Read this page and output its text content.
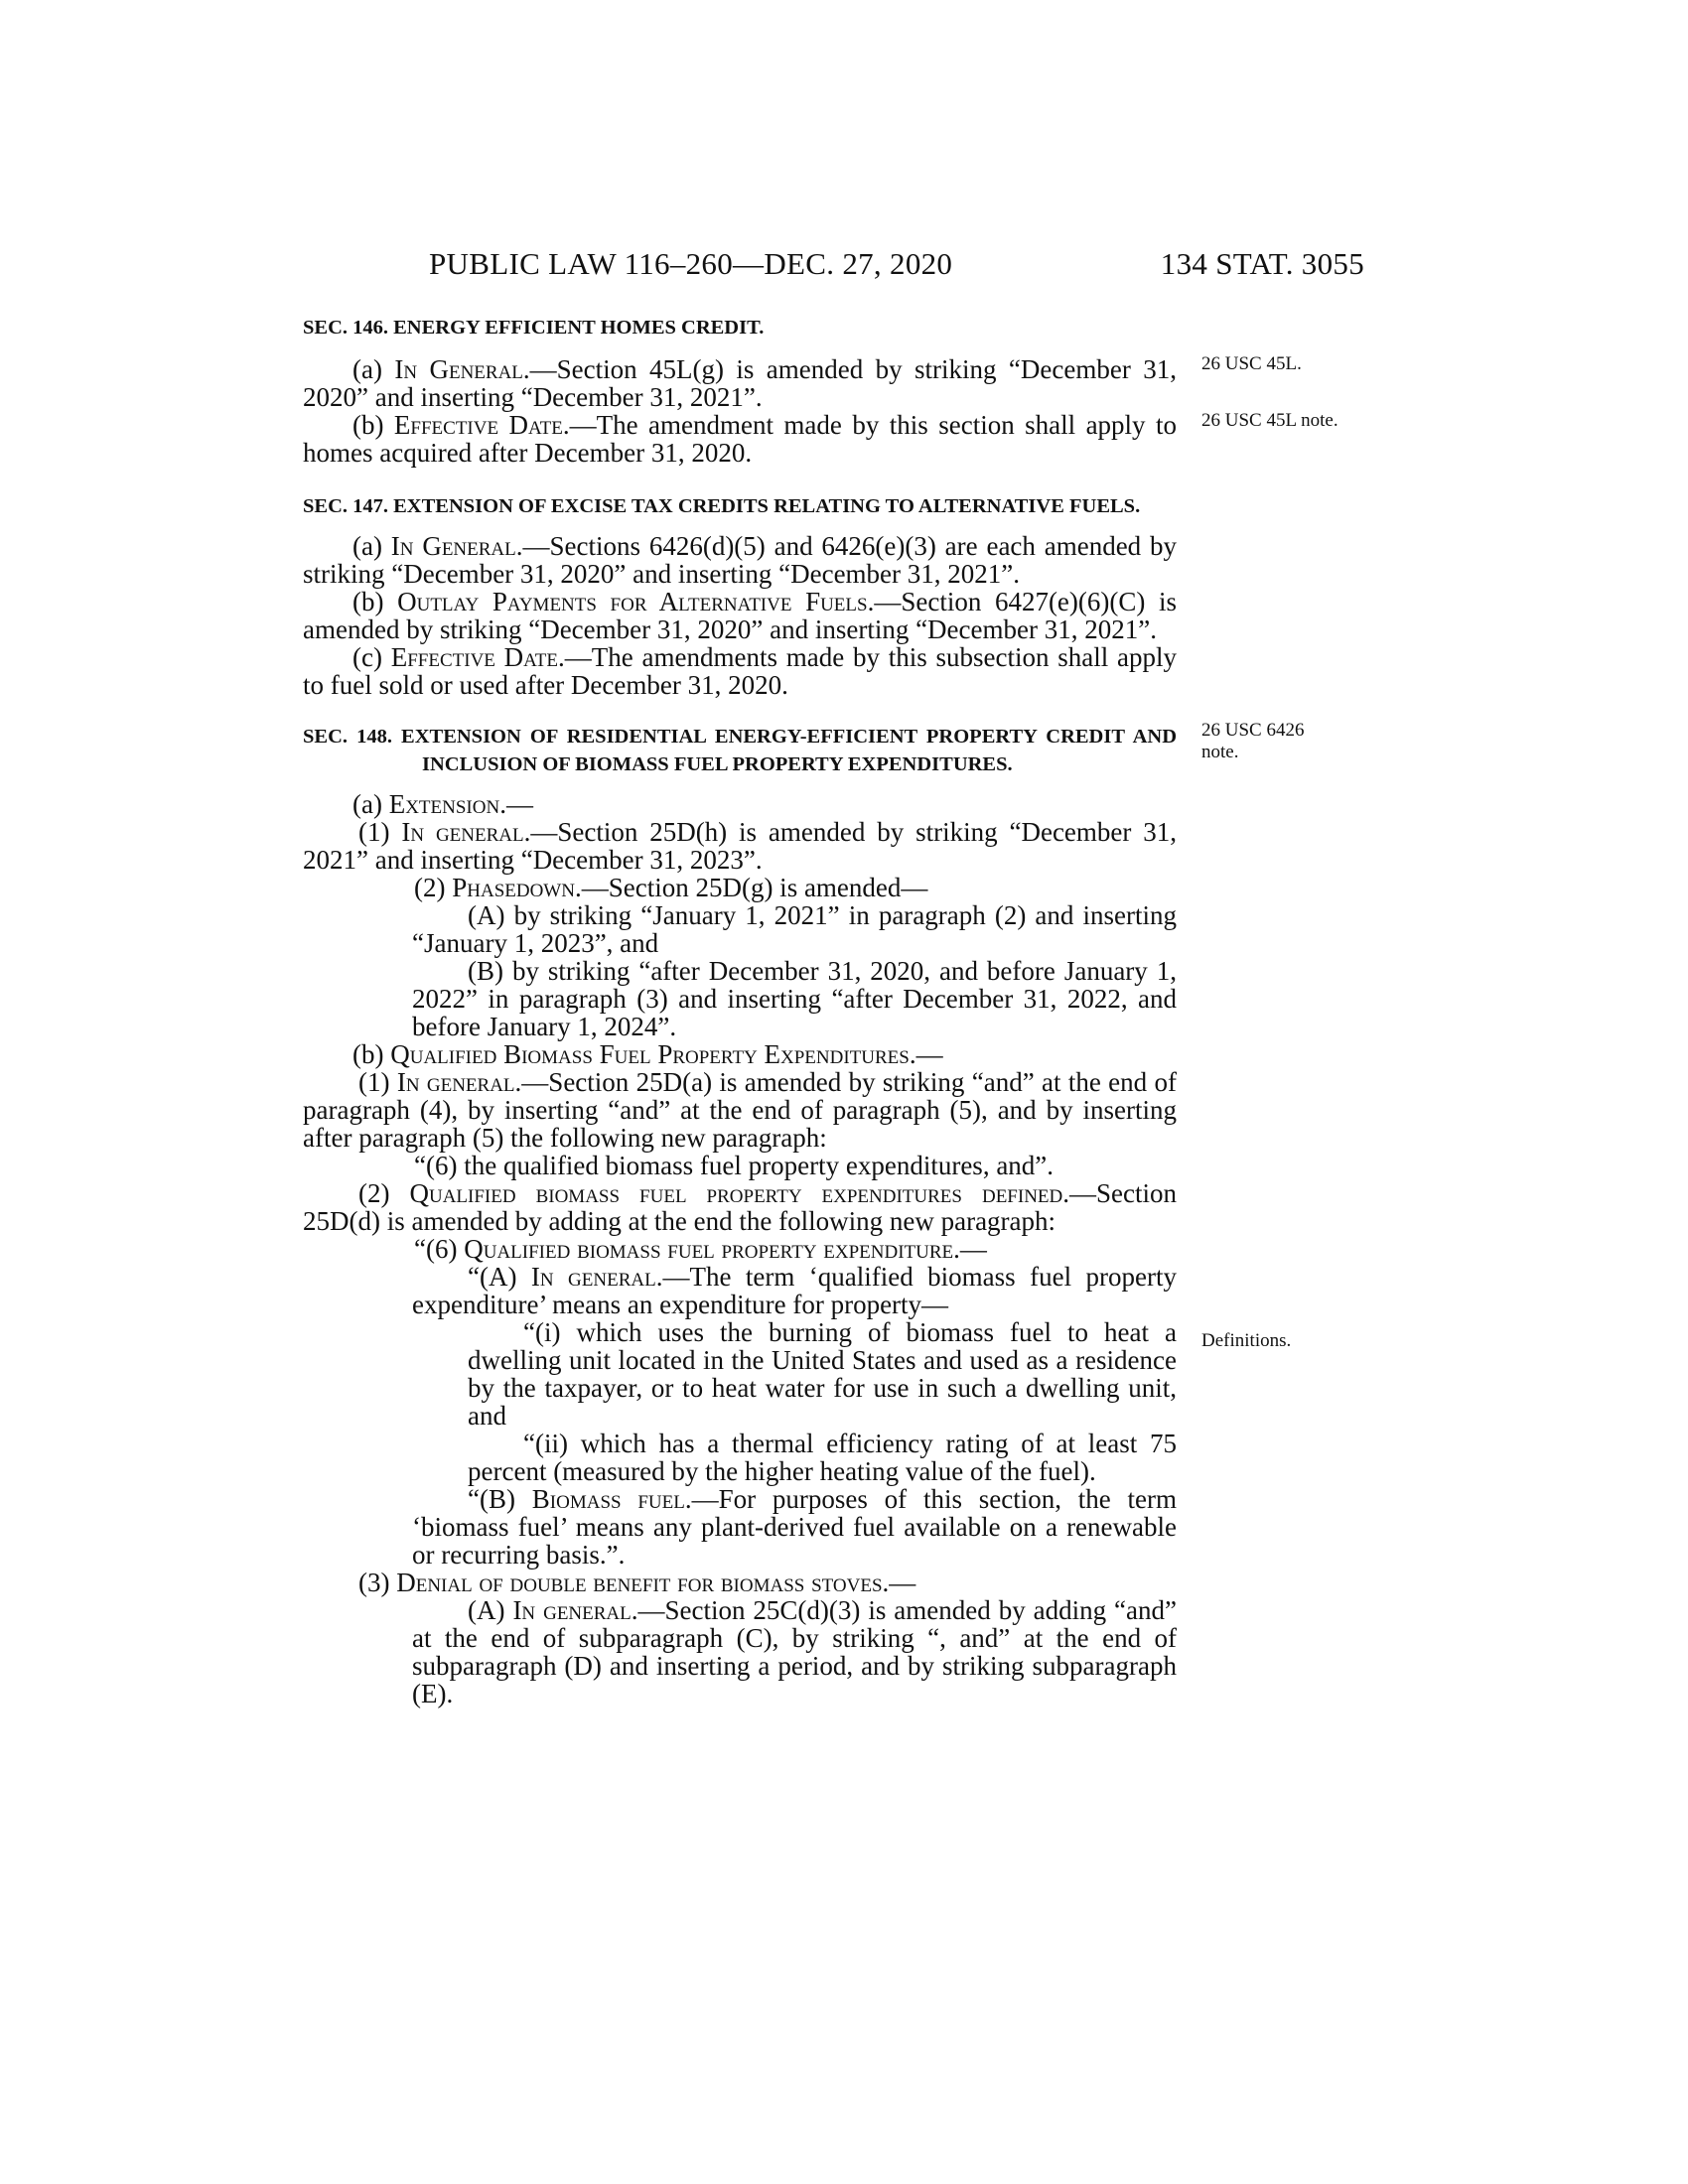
PUBLIC LAW 116–260—DEC. 27, 2020	134 STAT. 3055
26 USC 45L.
26 USC 45L note.
26 USC 6426 note.
Definitions.

SEC. 146. ENERGY EFFICIENT HOMES CREDIT.

(a) In General.—Section 45L(g) is amended by striking “December 31, 2020” and inserting “December 31, 2021”.

(b) Effective Date.—The amendment made by this section shall apply to homes acquired after December 31, 2020.

SEC. 147. EXTENSION OF EXCISE TAX CREDITS RELATING TO ALTERNATIVE FUELS.

(a) In General.—Sections 6426(d)(5) and 6426(e)(3) are each amended by striking “December 31, 2020” and inserting “December 31, 2021”.

(b) Outlay Payments for Alternative Fuels.—Section 6427(e)(6)(C) is amended by striking “December 31, 2020” and inserting “December 31, 2021”.

(c) Effective Date.—The amendments made by this subsection shall apply to fuel sold or used after December 31, 2020.

SEC. 148. EXTENSION OF RESIDENTIAL ENERGY-EFFICIENT PROPERTY CREDIT AND INCLUSION OF BIOMASS FUEL PROPERTY EXPENDITURES.

(a) Extension.—

(1) In general.—Section 25D(h) is amended by striking “December 31, 2021” and inserting “December 31, 2023”.

(2) Phasedown.—Section 25D(g) is amended—

(A) by striking “January 1, 2021” in paragraph (2) and inserting “January 1, 2023”, and

(B) by striking “after December 31, 2020, and before January 1, 2022” in paragraph (3) and inserting “after December 31, 2022, and before January 1, 2024”.

(b) Qualified Biomass Fuel Property Expenditures.—

(1) In general.—Section 25D(a) is amended by striking “and” at the end of paragraph (4), by inserting “and” at the end of paragraph (5), and by inserting after paragraph (5) the following new paragraph:

“(6) the qualified biomass fuel property expenditures, and”.

(2) Qualified biomass fuel property expenditures defined.—Section 25D(d) is amended by adding at the end the following new paragraph:

“(6) Qualified biomass fuel property expenditure.—

“(A) In general.—The term ‘qualified biomass fuel property expenditure’ means an expenditure for property—

“(i) which uses the burning of biomass fuel to heat a dwelling unit located in the United States and used as a residence by the taxpayer, or to heat water for use in such a dwelling unit, and

“(ii) which has a thermal efficiency rating of at least 75 percent (measured by the higher heating value of the fuel).

“(B) Biomass fuel.—For purposes of this section, the term ‘biomass fuel’ means any plant-derived fuel available on a renewable or recurring basis.”.

(3) Denial of double benefit for biomass stoves.—

(A) In general.—Section 25C(d)(3) is amended by adding “and” at the end of subparagraph (C), by striking “, and” at the end of subparagraph (D) and inserting a period, and by striking subparagraph (E).
